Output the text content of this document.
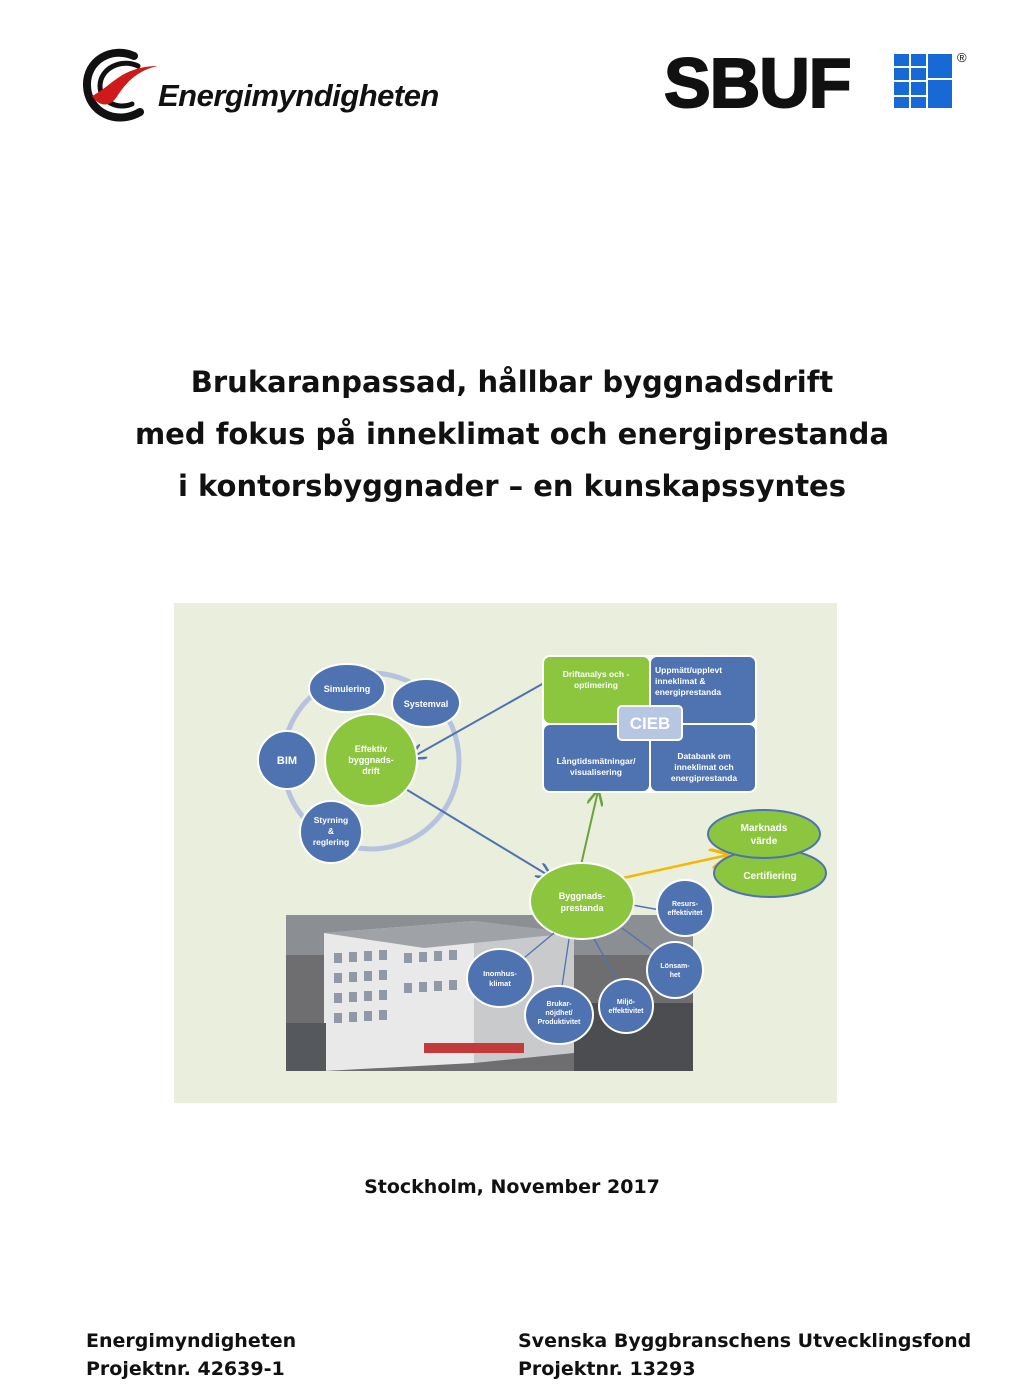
Energimyndigheten	SBUF	®
Brukaranpassad, hållbar byggnadsdrift
med fokus på inneklimat och energiprestanda
i kontorsbyggnader – en kunskapssyntes
Effektiv
byggnads-
drift
Simulering
Systemval
BIM
Styrning
&
reglering
Driftanalys och -
optimering
Uppmätt/upplevt
inneklimat &
energiprestanda
Långtidsmätningar/
visualisering
Databank om
inneklimat och
energiprestanda
CIEB
Certifiering
Marknads
värde
Byggnads-
prestanda	Resurs-
effektivitet
Lönsam-
het
Miljö-
effektivitet
Brukar-
nöjdhet/
Produktivitet
Inomhus-
klimat
Stockholm, November 2017
Energimyndigheten
Projektnr. 42639-1
Svenska Byggbranschens Utvecklingsfond
Projektnr. 13293
